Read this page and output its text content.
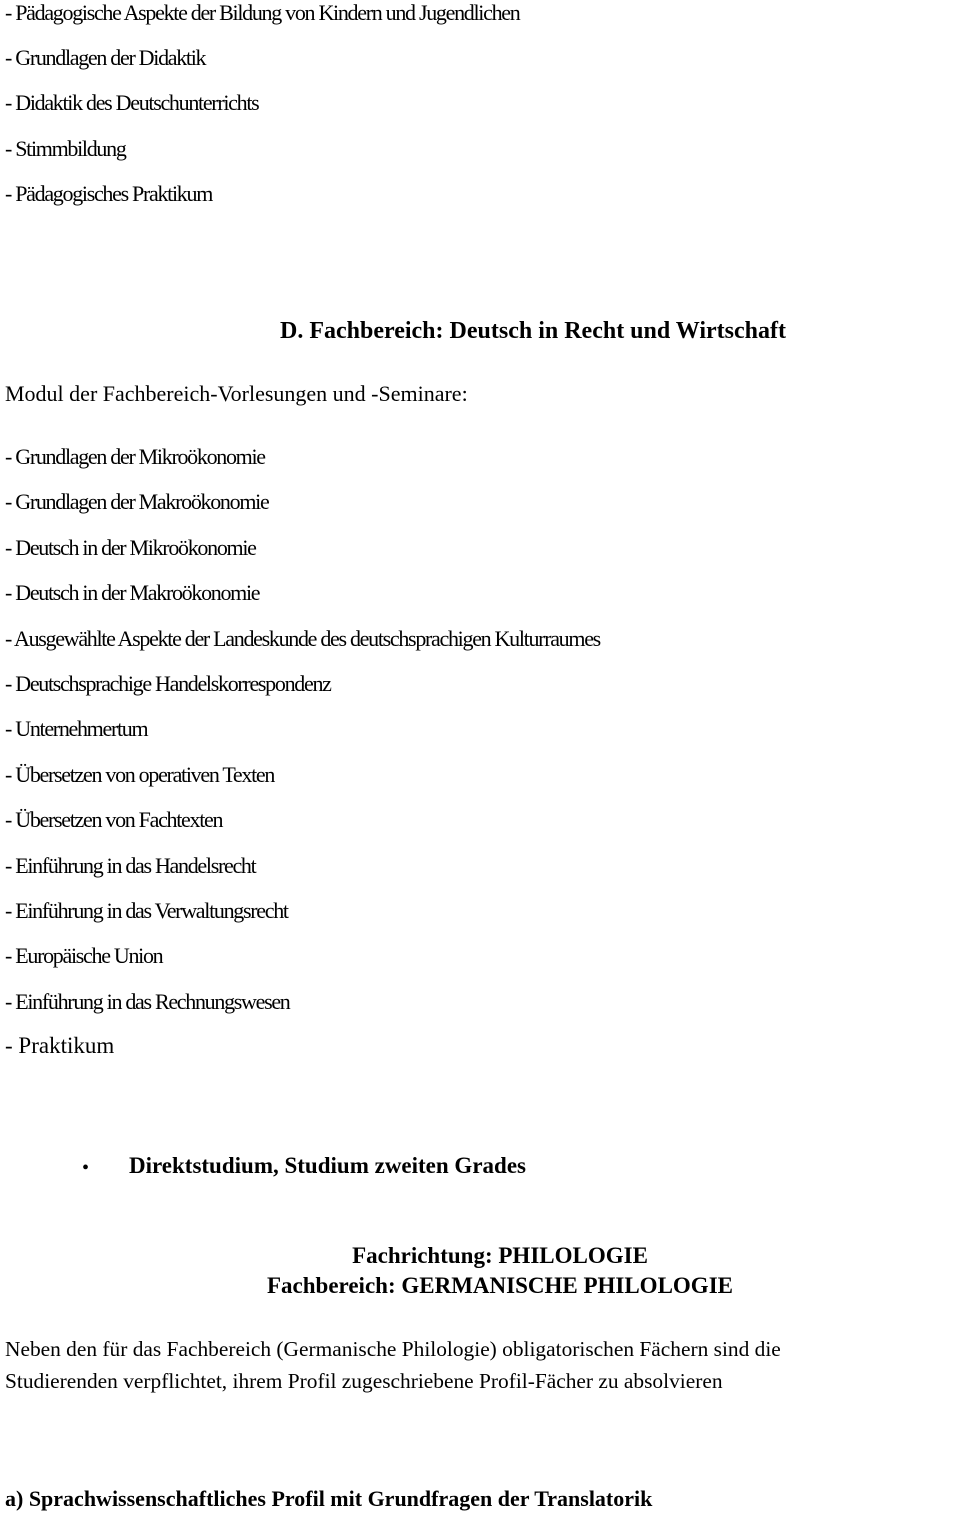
- Pädagogische Aspekte der Bildung von Kindern und Jugendlichen
- Grundlagen der Didaktik
- Didaktik des Deutschunterrichts
- Stimmbildung
- Pädagogisches Praktikum
D. Fachbereich: Deutsch in Recht und Wirtschaft
Modul der Fachbereich-Vorlesungen und -Seminare:
- Grundlagen der Mikroökonomie
- Grundlagen der Makroökonomie
- Deutsch in der Mikroökonomie
- Deutsch in der Makroökonomie
- Ausgewählte Aspekte der Landeskunde des deutschsprachigen Kulturraumes
- Deutschsprachige Handelskorrespondenz
- Unternehmertum
- Übersetzen von operativen Texten
- Übersetzen von Fachtexten
- Einführung in das Handelsrecht
- Einführung in das Verwaltungsrecht
- Europäische Union
- Einführung in das Rechnungswesen
- Praktikum
• Direktstudium, Studium zweiten Grades
Fachrichtung: PHILOLOGIE
Fachbereich: GERMANISCHE PHILOLOGIE
Neben den für das Fachbereich (Germanische Philologie) obligatorischen Fächern sind die
Studierenden verpflichtet, ihrem Profil zugeschriebene Profil-Fächer zu absolvieren
a) Sprachwissenschaftliches Profil mit Grundfragen der Translatorik
